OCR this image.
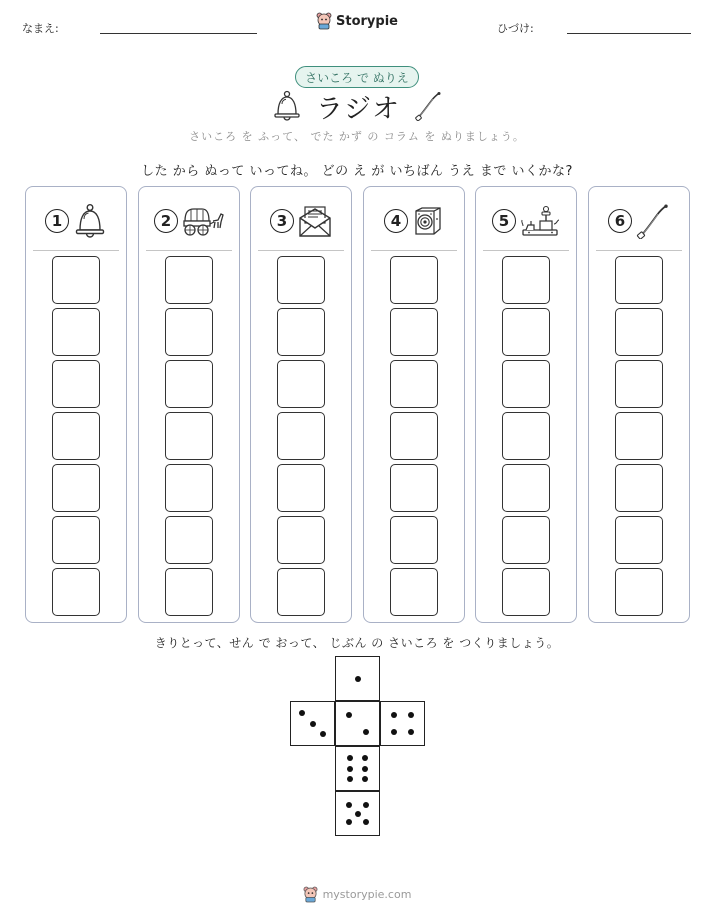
なまえ:	Storypie	ひづけ:
さいころ で ぬりえ
ラジオ
さいころ を ふって、 でた かず の コラム を ぬりましょう。
した から ぬって いってね。 どの え が いちばん うえ まで いくかな?
1	2	3	4	5	6
きりとって、せん で おって、 じぶん の さいころ を つくりましょう。
mystorypie.com
